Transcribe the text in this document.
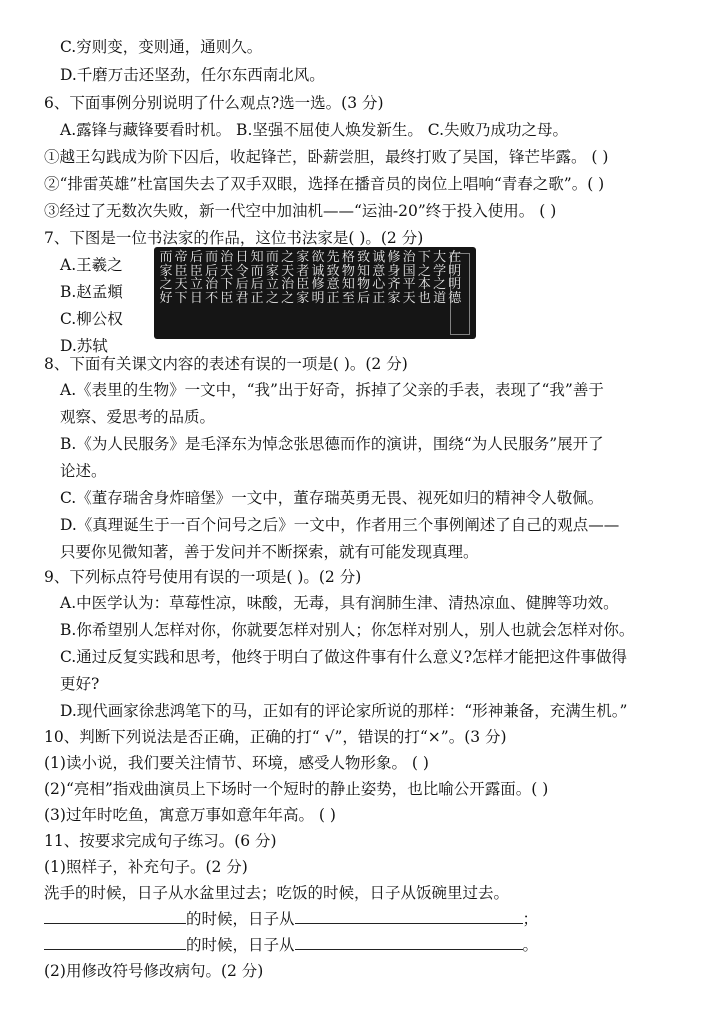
C.穷则变，变则通，通则久。
D.千磨万击还坚劲，任尔东西南北风。
6、下面事例分别说明了什么观点?选一选。(3 分)
A.露锋与藏锋要看时机。 B.坚强不屈使人焕发新生。 C.失败乃成功之母。
①越王勾践成为阶下囚后，收起锋芒，卧薪尝胆，最终打败了吴国，锋芒毕露。 ( )
②“排雷英雄”杜富国失去了双手双眼，选择在播音员的岗位上唱响“青春之歌”。( )
③经过了无数次失败，新一代空中加油机——“运油-20”终于投入使用。 ( )
7、下图是一位书法家的作品，这位书法家是( )。(2 分)
A.王羲之
B.赵孟頫
C.柳公权
D.苏轼
而家之好
帝臣天下
后臣立日
而后治不
治天下臣
日令后君
知而后正
而家立之
之天治之
家者臣家
欲诚修明
先致意正
格物知至
致知物后
诚意心正
修身齐家
治国平天
下之本也
大学之道
在明明德
8、下面有关课文内容的表述有误的一项是( )。(2 分)
A.《表里的生物》一文中，“我”出于好奇，拆掉了父亲的手表，表现了“我”善于
观察、爱思考的品质。
B.《为人民服务》是毛泽东为悼念张思德而作的演讲，围绕“为人民服务”展开了
论述。
C.《董存瑞舍身炸暗堡》一文中，董存瑞英勇无畏、视死如归的精神令人敬佩。
D.《真理诞生于一百个问号之后》一文中，作者用三个事例阐述了自己的观点——
只要你见微知著，善于发问并不断探索，就有可能发现真理。
9、下列标点符号使用有误的一项是( )。(2 分)
A.中医学认为：草莓性凉，味酸，无毒，具有润肺生津、清热凉血、健脾等功效。
B.你希望别人怎样对你，你就要怎样对别人；你怎样对别人，别人也就会怎样对你。
C.通过反复实践和思考，他终于明白了做这件事有什么意义?怎样才能把这件事做得
更好?
D.现代画家徐悲鸿笔下的马，正如有的评论家所说的那样：“形神兼备，充满生机。”
10、判断下列说法是否正确，正确的打“ √”，错误的打“×”。(3 分)
(1)读小说，我们要关注情节、环境，感受人物形象。 ( )
(2)“亮相”指戏曲演员上下场时一个短时的静止姿势，也比喻公开露面。( )
(3)过年时吃鱼，寓意万事如意年年高。 ( )
11、按要求完成句子练习。(6 分)
(1)照样子，补充句子。(2 分)
洗手的时候，日子从水盆里过去；吃饭的时候，日子从饭碗里过去。
的时候，日子从	；
的时候，日子从	。
(2)用修改符号修改病句。(2 分)
